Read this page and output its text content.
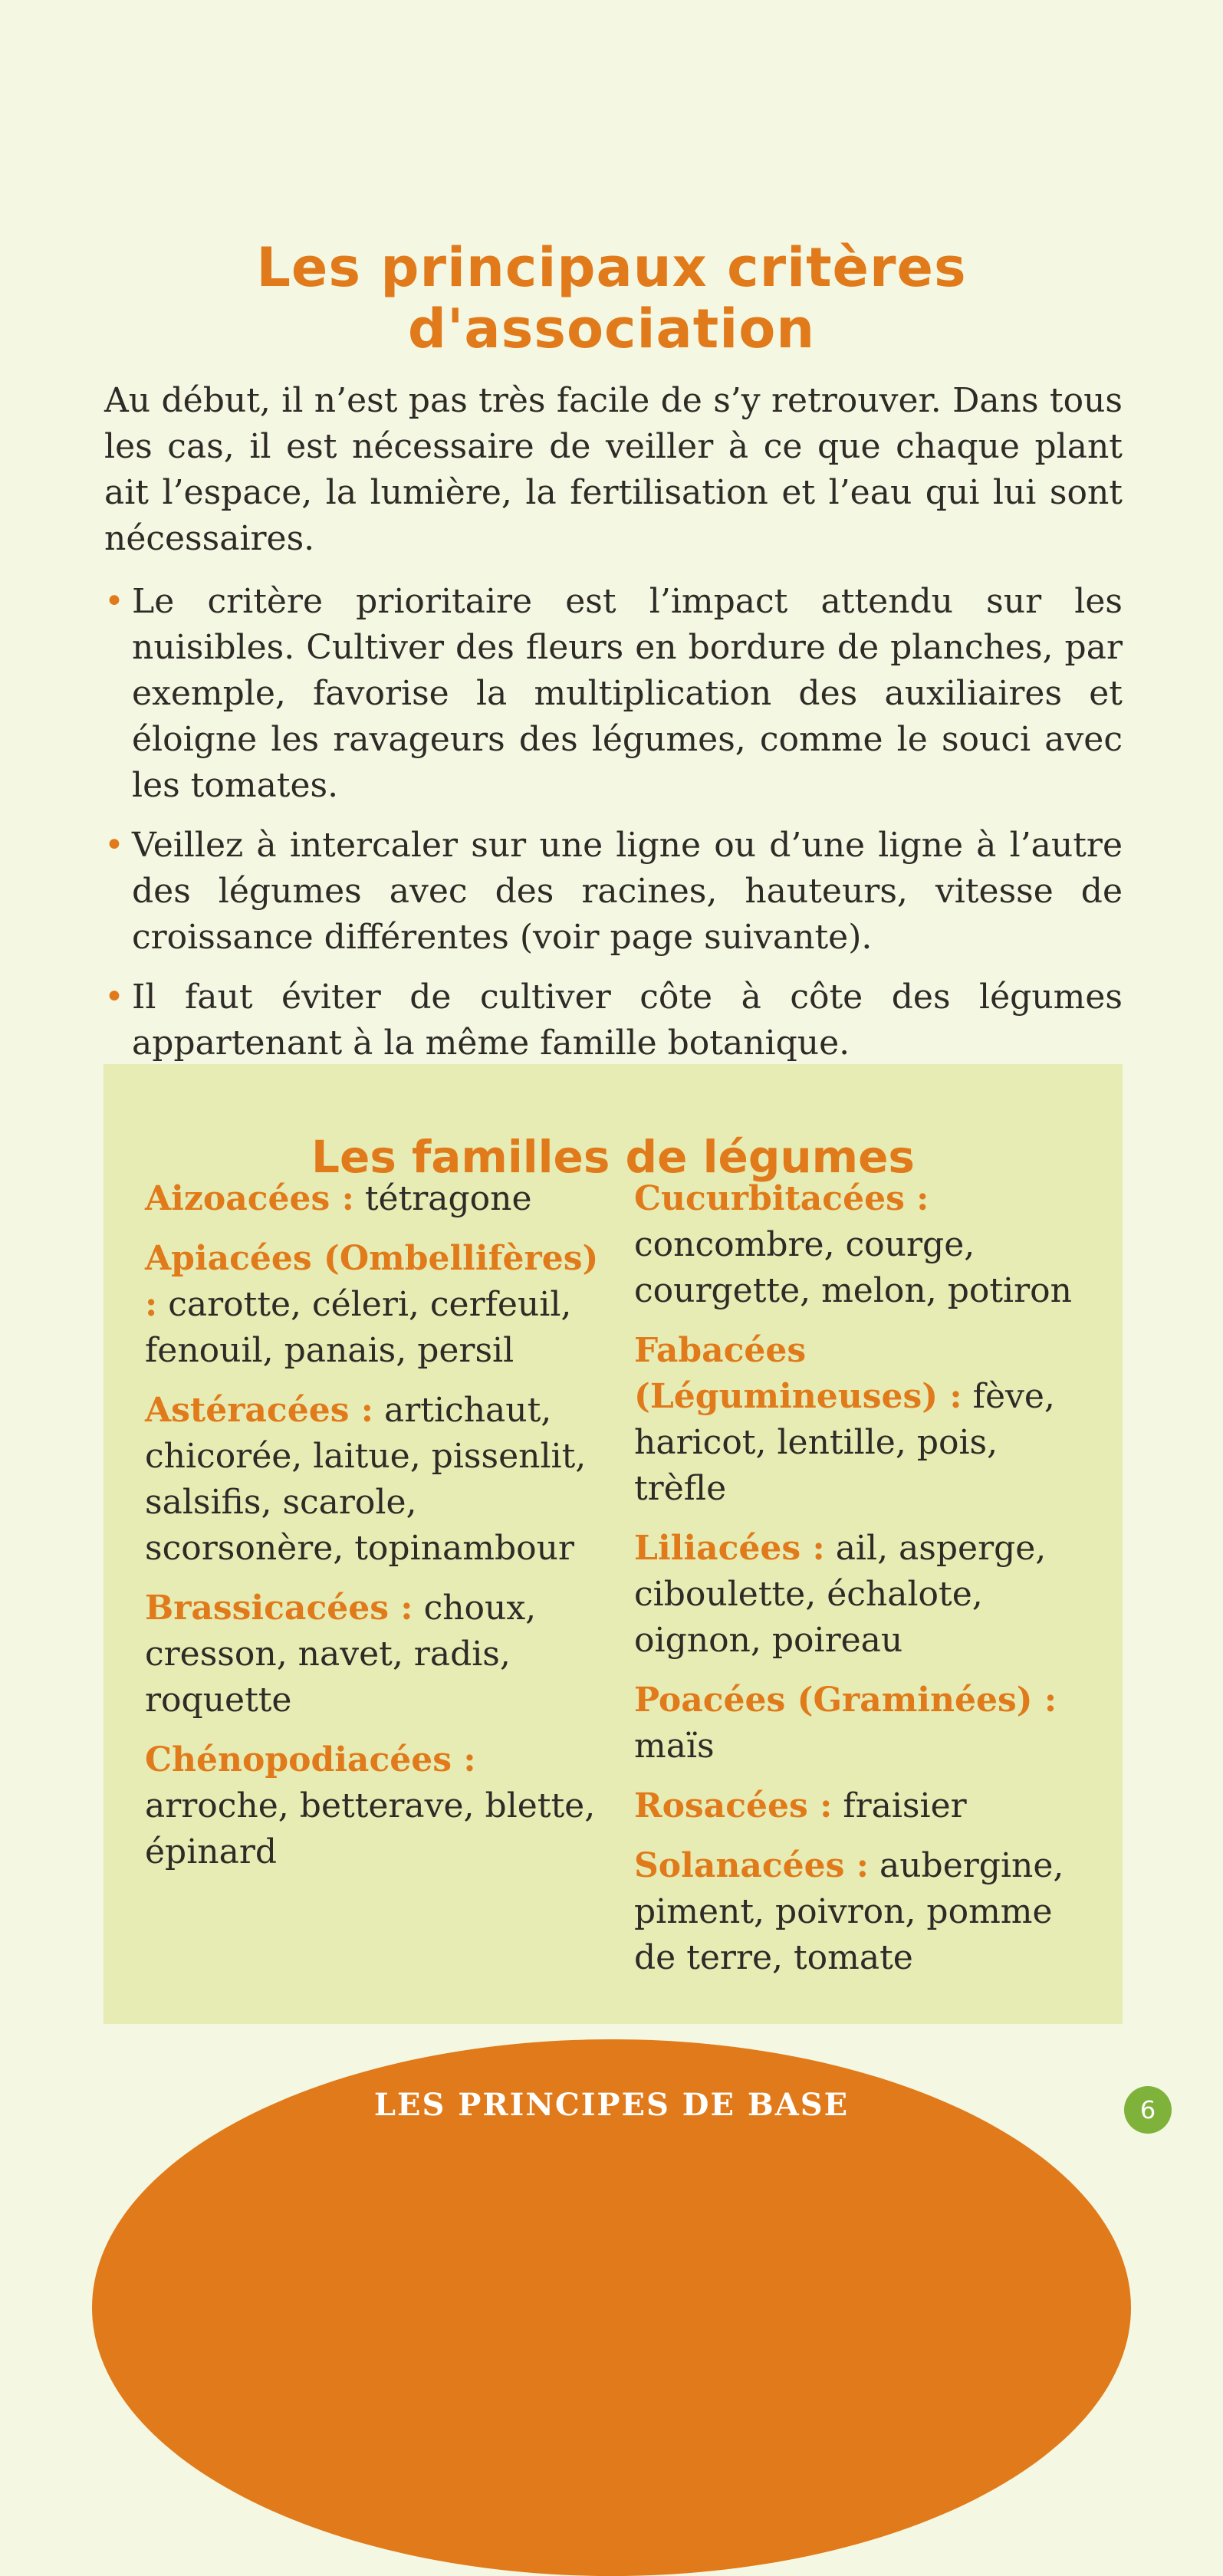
Les principaux critères
d'association

Au début, il n’est pas très facile de s’y retrouver. Dans tous les cas, il est nécessaire de veiller à ce que chaque plant ait l’espace, la lumière, la fertilisation et l’eau qui lui sont nécessaires.

• Le critère prioritaire est l’impact attendu sur les nuisibles. Cultiver des fleurs en bordure de planches, par exemple, favorise la multiplication des auxiliaires et éloigne les ravageurs des légumes, comme le souci avec les tomates.
• Veillez à intercaler sur une ligne ou d’une ligne à l’autre des légumes avec des racines, hauteurs, vitesse de croissance différentes (voir page suivante).
• Il faut éviter de cultiver côte à côte des légumes appartenant à la même famille botanique.
Les familles de légumes
Aizoacées : tétragone
Apiacées (Ombellifères) : carotte, céleri, cerfeuil, fenouil, panais, persil
Astéracées : artichaut, chicorée, laitue, pissenlit, salsifis, scarole, scorsonère, topinambour
Brassicacées : choux, cresson, navet, radis, roquette
Chénopodiacées : arroche, betterave, blette, épinard
Cucurbitacées : concombre, courge, courgette, melon, potiron
Fabacées (Légumineuses) : fève, haricot, lentille, pois, trèfle
Liliacées : ail, asperge, ciboulette, échalote, oignon, poireau
Poacées (Graminées) : maïs
Rosacées : fraisier
Solanacées : aubergine, piment, poivron, pomme de terre, tomate
LES PRINCIPES DE BASE	6
